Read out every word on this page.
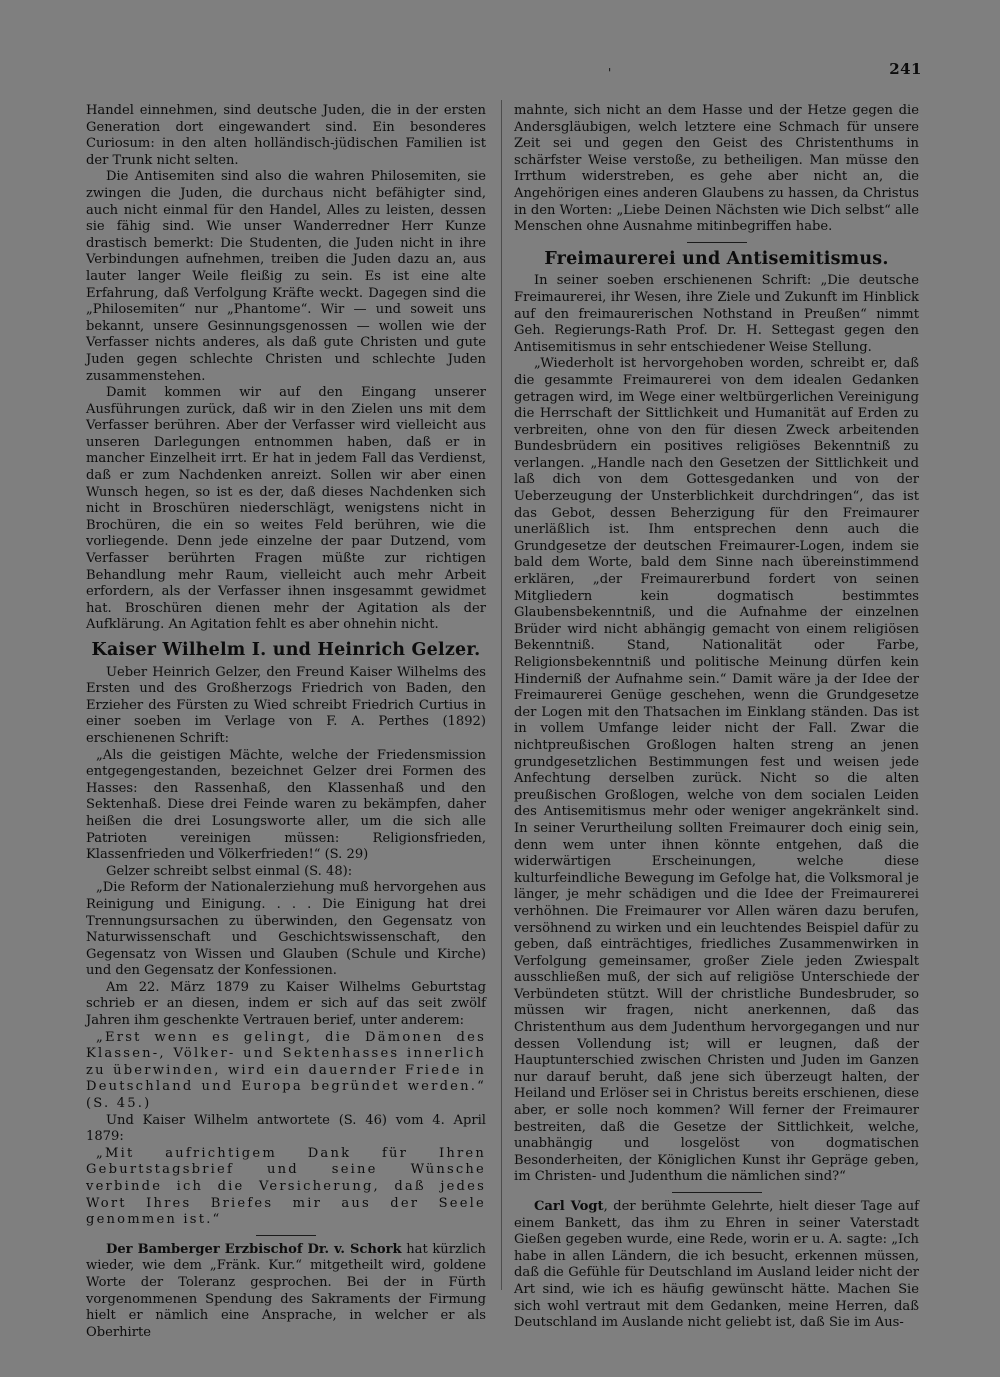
241
'

Handel einnehmen, sind deutsche Juden, die in der ersten Generation dort eingewandert sind. Ein besonderes Curiosum: in den alten holländisch-jüdischen Familien ist der Trunk nicht selten.

Die Antisemiten sind also die wahren Philosemiten, sie zwingen die Juden, die durchaus nicht befähigter sind, auch nicht einmal für den Handel, Alles zu leisten, dessen sie fähig sind. Wie unser Wanderredner Herr Kunze drastisch bemerkt: Die Studenten, die Juden nicht in ihre Verbindungen aufnehmen, treiben die Juden dazu an, aus lauter langer Weile fleißig zu sein. Es ist eine alte Erfahrung, daß Verfolgung Kräfte weckt. Dagegen sind die „Philosemiten“ nur „Phantome“. Wir — und soweit uns bekannt, unsere Gesinnungsgenossen — wollen wie der Verfasser nichts anderes, als daß gute Christen und gute Juden gegen schlechte Christen und schlechte Juden zusammenstehen.

Damit kommen wir auf den Eingang unserer Ausführungen zurück, daß wir in den Zielen uns mit dem Verfasser berühren. Aber der Verfasser wird vielleicht aus unseren Darlegungen entnommen haben, daß er in mancher Einzelheit irrt. Er hat in jedem Fall das Verdienst, daß er zum Nachdenken anreizt. Sollen wir aber einen Wunsch hegen, so ist es der, daß dieses Nachdenken sich nicht in Broschüren niederschlägt, wenigstens nicht in Brochüren, die ein so weites Feld berühren, wie die vorliegende. Denn jede einzelne der paar Dutzend, vom Verfasser berührten Fragen müßte zur richtigen Behandlung mehr Raum, vielleicht auch mehr Arbeit erfordern, als der Verfasser ihnen insgesammt gewidmet hat. Broschüren dienen mehr der Agitation als der Aufklärung. An Agitation fehlt es aber ohnehin nicht.

Kaiser Wilhelm I. und Heinrich Gelzer.

Ueber Heinrich Gelzer, den Freund Kaiser Wilhelms des Ersten und des Großherzogs Friedrich von Baden, den Erzieher des Fürsten zu Wied schreibt Friedrich Curtius in einer soeben im Verlage von F. A. Perthes (1892) erschienenen Schrift:

„Als die geistigen Mächte, welche der Friedensmission entgegengestanden, bezeichnet Gelzer drei Formen des Hasses: den Rassenhaß, den Klassenhaß und den Sektenhaß. Diese drei Feinde waren zu bekämpfen, daher heißen die drei Losungsworte aller, um die sich alle Patrioten vereinigen müssen: Religionsfrieden, Klassenfrieden und Völkerfrieden!“ (S. 29)

Gelzer schreibt selbst einmal (S. 48):

„Die Reform der Nationalerziehung muß hervorgehen aus Reinigung und Einigung. . . . Die Einigung hat drei Trennungsursachen zu überwinden, den Gegensatz von Naturwissenschaft und Geschichtswissenschaft, den Gegensatz von Wissen und Glauben (Schule und Kirche) und den Gegensatz der Konfessionen.

Am 22. März 1879 zu Kaiser Wilhelms Geburtstag schrieb er an diesen, indem er sich auf das seit zwölf Jahren ihm geschenkte Vertrauen berief, unter anderem:

„Erst wenn es gelingt, die Dämonen des Klassen-, Völker- und Sektenhasses innerlich zu überwinden, wird ein dauernder Friede in Deutschland und Europa begründet werden.“ (S. 45.)

Und Kaiser Wilhelm antwortete (S. 46) vom 4. April 1879:

„Mit aufrichtigem Dank für Ihren Geburtstagsbrief und seine Wünsche verbinde ich die Versicherung, daß jedes Wort Ihres Briefes mir aus der Seele genommen ist.“

Der Bamberger Erzbischof Dr. v. Schork hat kürzlich wieder, wie dem „Fränk. Kur.“ mitgetheilt wird, goldene Worte der Toleranz gesprochen. Bei der in Fürth vorgenommenen Spendung des Sakraments der Firmung hielt er nämlich eine Ansprache, in welcher er als Oberhirte

mahnte, sich nicht an dem Hasse und der Hetze gegen die Andersgläubigen, welch letztere eine Schmach für unsere Zeit sei und gegen den Geist des Christenthums in schärfster Weise verstoße, zu betheiligen. Man müsse den Irrthum widerstreben, es gehe aber nicht an, die Angehörigen eines anderen Glaubens zu hassen, da Christus in den Worten: „Liebe Deinen Nächsten wie Dich selbst“ alle Menschen ohne Ausnahme mitinbegriffen habe.

Freimaurerei und Antisemitismus.

In seiner soeben erschienenen Schrift: „Die deutsche Freimaurerei, ihr Wesen, ihre Ziele und Zukunft im Hinblick auf den freimaurerischen Nothstand in Preußen“ nimmt Geh. Regierungs-Rath Prof. Dr. H. Settegast gegen den Antisemitismus in sehr entschiedener Weise Stellung.

„Wiederholt ist hervorgehoben worden, schreibt er, daß die gesammte Freimaurerei von dem idealen Gedanken getragen wird, im Wege einer weltbürgerlichen Vereinigung die Herrschaft der Sittlichkeit und Humanität auf Erden zu verbreiten, ohne von den für diesen Zweck arbeitenden Bundesbrüdern ein positives religiöses Bekenntniß zu verlangen. „Handle nach den Gesetzen der Sittlichkeit und laß dich von dem Gottesgedanken und von der Ueberzeugung der Unsterblichkeit durchdringen“, das ist das Gebot, dessen Beherzigung für den Freimaurer unerläßlich ist. Ihm entsprechen denn auch die Grundgesetze der deutschen Freimaurer-Logen, indem sie bald dem Worte, bald dem Sinne nach übereinstimmend erklären, „der Freimaurerbund fordert von seinen Mitgliedern kein dogmatisch bestimmtes Glaubensbekenntniß, und die Aufnahme der einzelnen Brüder wird nicht abhängig gemacht von einem religiösen Bekenntniß. Stand, Nationalität oder Farbe, Religionsbekenntniß und politische Meinung dürfen kein Hinderniß der Aufnahme sein.“ Damit wäre ja der Idee der Freimaurerei Genüge geschehen, wenn die Grundgesetze der Logen mit den Thatsachen im Einklang ständen. Das ist in vollem Umfange leider nicht der Fall. Zwar die nichtpreußischen Großlogen halten streng an jenen grundgesetzlichen Bestimmungen fest und weisen jede Anfechtung derselben zurück. Nicht so die alten preußischen Großlogen, welche von dem socialen Leiden des Antisemitismus mehr oder weniger angekränkelt sind. In seiner Verurtheilung sollten Freimaurer doch einig sein, denn wem unter ihnen könnte entgehen, daß die widerwärtigen Erscheinungen, welche diese kulturfeindliche Bewegung im Gefolge hat, die Volksmoral je länger, je mehr schädigen und die Idee der Freimaurerei verhöhnen. Die Freimaurer vor Allen wären dazu berufen, versöhnend zu wirken und ein leuchtendes Beispiel dafür zu geben, daß einträchtiges, friedliches Zusammenwirken in Verfolgung gemeinsamer, großer Ziele jeden Zwiespalt ausschließen muß, der sich auf religiöse Unterschiede der Verbündeten stützt. Will der christliche Bundesbruder, so müssen wir fragen, nicht anerkennen, daß das Christenthum aus dem Judenthum hervorgegangen und nur dessen Vollendung ist; will er leugnen, daß der Hauptunterschied zwischen Christen und Juden im Ganzen nur darauf beruht, daß jene sich überzeugt halten, der Heiland und Erlöser sei in Christus bereits erschienen, diese aber, er solle noch kommen? Will ferner der Freimaurer bestreiten, daß die Gesetze der Sittlichkeit, welche, unabhängig und losgelöst von dogmatischen Besonderheiten, der Königlichen Kunst ihr Gepräge geben, im Christen- und Judenthum die nämlichen sind?“

Carl Vogt, der berühmte Gelehrte, hielt dieser Tage auf einem Bankett, das ihm zu Ehren in seiner Vaterstadt Gießen gegeben wurde, eine Rede, worin er u. A. sagte: „Ich habe in allen Ländern, die ich besucht, erkennen müssen, daß die Gefühle für Deutschland im Ausland leider nicht der Art sind, wie ich es häufig gewünscht hätte. Machen Sie sich wohl vertraut mit dem Gedanken, meine Herren, daß Deutschland im Auslande nicht geliebt ist, daß Sie im Aus-
